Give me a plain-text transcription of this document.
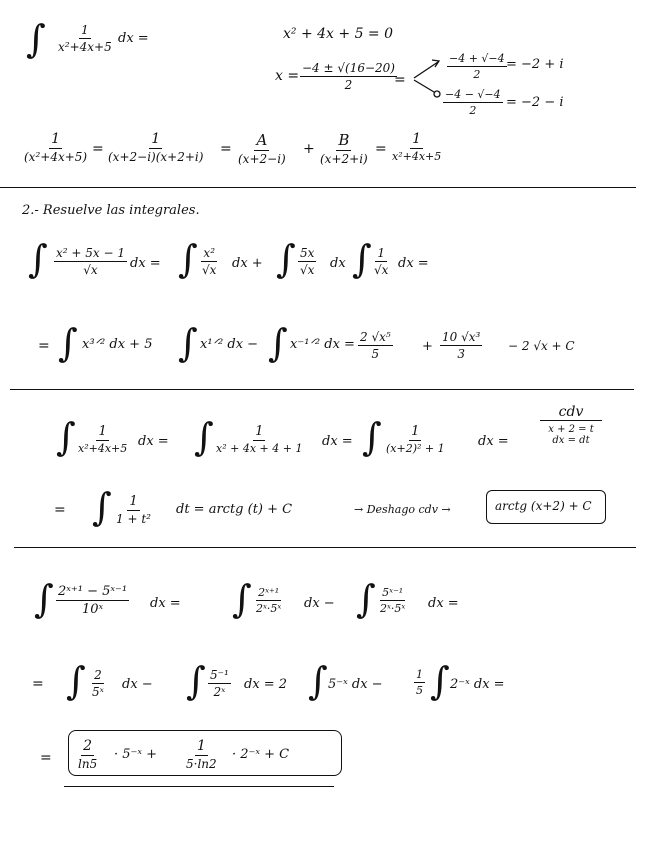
∫ $\frac{1}{\text{x²+4x+5}}$ dx =	x² + 4x + 5 = 0
$x = \frac{-4 \pm √(16-20)}{2}$
=	$\frac{-4 + √-4}{2} = -2 + i$
$\frac{-4 - √-4}{2} = -2 - i$
$\frac{1}{\text{(x²+4x+5)}} = \frac{1}{(x+2-i)(x+2+i)} = A$
(x+2−i)
+ B
(x+2+i)
=
1
x²+4x+5
2.- Resuelve las integrales.
∫ $\frac{\text{x² + 5x − 1}}{√x}$ dx = ∫ $\frac{\text{x²}}{√x}$ dx + ∫ $\frac{5x}{√x}$ dx ∫ $\frac{1}{√x}$ dx =
= ∫ x³ᐟ² dx + 5 ∫ x¹ᐟ² dx − ∫ x⁻¹ᐟ² dx = $\frac{\text{2 √x⁵}}{5} + \frac{\text{10 √x³}}{3} - 2$ √x + C
∫ 1
x²+4x+5 dx = ∫	1
x² + 4x + 4 + 1 dx = ∫ 1
(x+2)² + 1	dx =
cdv
x + 2 = t
dx = dt
= ∫ $\frac{1}{\text{1 + t²}}$ dt = arctg (t) + C	→ Deshago cdv →	arctg (x+2) + C
∫ $\frac{\text{2ˣ⁺¹ − 5ˣ⁻¹}}{\text{10ˣ}}$ dx = ∫ $\frac{\text{2ˣ⁺¹}}{\text{2ˣ·5ˣ}}$ dx − ∫ $\frac{\text{5ˣ⁻¹}}{\text{2ˣ·5ˣ}}$ dx =
= ∫ $\frac{2}{\text{5ˣ}}$ dx − ∫ $\frac{\text{5⁻¹}}{\text{2ˣ}}$ dx = 2 ∫ 5⁻ˣ dx −	$\frac{1}{5}$ ∫ 2⁻ˣ dx =
= $\frac{2}{\ln 5}$ · 5⁻ˣ + $\frac{1}{5\cdot\ln 2}$ · 2⁻ˣ + C
